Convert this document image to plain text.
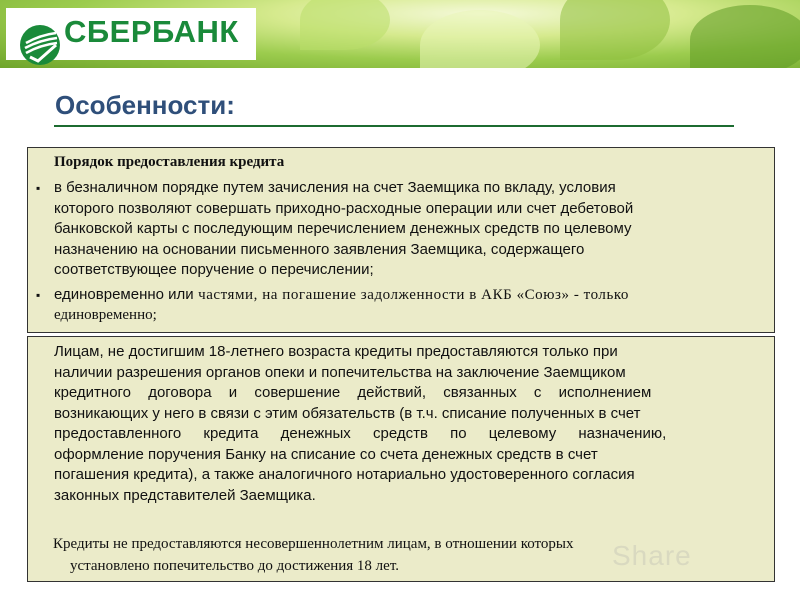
СБЕРБАНК
Особенности:
Порядок предоставления кредита
▪ в безналичном порядке путем зачисления на счет Заемщика по вкладу, условия
которого позволяют совершать приходно-расходные операции или счет дебетовой
банковской карты с последующим перечислением денежных средств по целевому
назначению на основании письменного заявления Заемщика, содержащего
соответствующее поручение о перечислении;
▪ единовременно или частями, на погашение задолженности в АКБ «Союз» - только
единовременно;
Лицам, не достигшим 18-летнего возраста кредиты предоставляются только при
наличии разрешения органов опеки и попечительства на заключение Заемщиком
кредитного договора и совершение действий, связанных с исполнением
возникающих у него в связи с этим обязательств (в т.ч. списание полученных в счет
предоставленного кредита денежных средств по целевому назначению,
оформление поручения Банку на списание со счета денежных средств в счет
погашения кредита), а также аналогичного нотариально удостоверенного согласия
законных представителей Заемщика.
Кредиты не предоставляются несовершеннолетним лицам, в отношении которых
установлено попечительство до достижения 18 лет.	Share
